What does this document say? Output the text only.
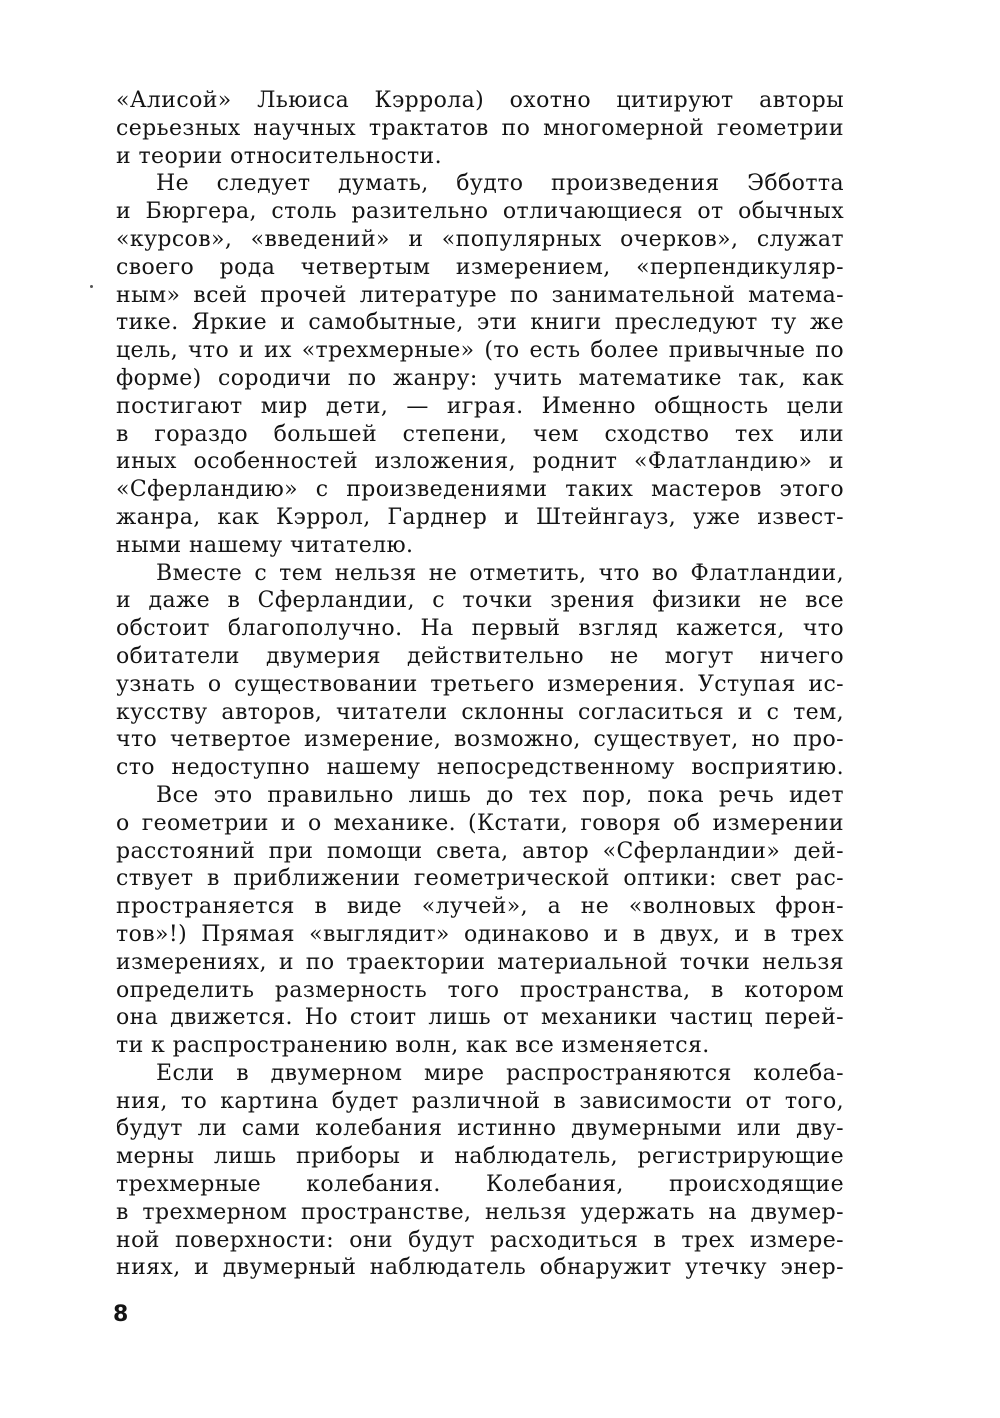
«Алисой» Льюиса Кэррола) охотно цитируют авторы
серьезных научных трактатов по многомерной геометрии
и теории относительности.
Не следует думать, будто произведения Эбботта
и Бюргера, столь разительно отличающиеся от обычных
«курсов», «введений» и «популярных очерков», служат
своего рода четвертым измерением, «перпендикуляр-
ным» всей прочей литературе по занимательной матема-
тике. Яркие и самобытные, эти книги преследуют ту же
цель, что и их «трехмерные» (то есть более привычные по
форме) сородичи по жанру: учить математике так, как
постигают мир дети, — играя. Именно общность цели
в гораздо большей степени, чем сходство тех или
иных особенностей изложения, роднит «Флатландию» и
«Сферландию» с произведениями таких мастеров этого
жанра, как Кэррол, Гарднер и Штейнгауз, уже извест-
ными нашему читателю.
Вместе с тем нельзя не отметить, что во Флатландии,
и даже в Сферландии, с точки зрения физики не все
обстоит благополучно. На первый взгляд кажется, что
обитатели двумерия действительно не могут ничего
узнать о существовании третьего измерения. Уступая ис-
кусству авторов, читатели склонны согласиться и с тем,
что четвертое измерение, возможно, существует, но про-
сто недоступно нашему непосредственному восприятию.
Все это правильно лишь до тех пор, пока речь идет
о геометрии и о механике. (Кстати, говоря об измерении
расстояний при помощи света, автор «Сферландии» дей-
ствует в приближении геометрической оптики: свет рас-
пространяется в виде «лучей», а не «волновых фрон-
тов»!) Прямая «выглядит» одинаково и в двух, и в трех
измерениях, и по траектории материальной точки нельзя
определить размерность того пространства, в котором
она движется. Но стоит лишь от механики частиц перей-
ти к распространению волн, как все изменяется.
Если в двумерном мире распространяются колеба-
ния, то картина будет различной в зависимости от того,
будут ли сами колебания истинно двумерными или дву-
мерны лишь приборы и наблюдатель, регистрирующие
трехмерные колебания. Колебания, происходящие
в трехмерном пространстве, нельзя удержать на двумер-
ной поверхности: они будут расходиться в трех измере-
ниях, и двумерный наблюдатель обнаружит утечку энер-
8
